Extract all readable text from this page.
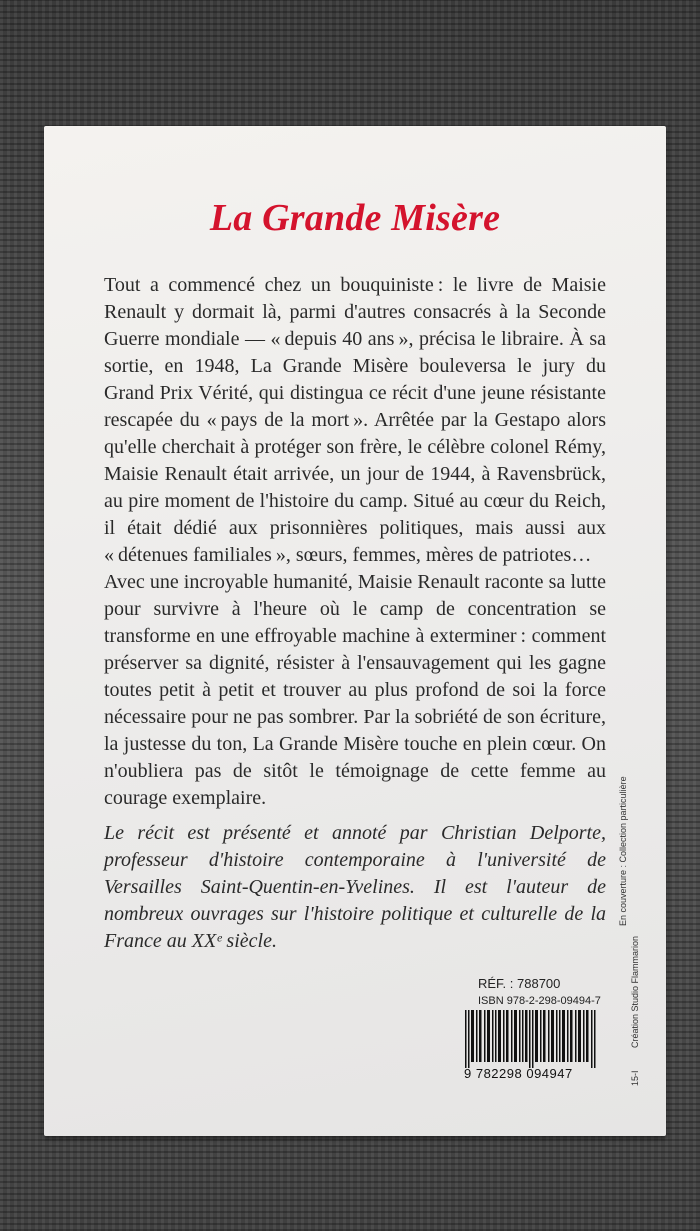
La Grande Misère

Tout a commencé chez un bouquiniste : le livre de Maisie Renault y dormait là, parmi d'autres consacrés à la Seconde Guerre mondiale — « depuis 40 ans », précisa le libraire. À sa sortie, en 1948, La Grande Misère bouleversa le jury du Grand Prix Vérité, qui distingua ce récit d'une jeune résistante rescapée du « pays de la mort ». Arrêtée par la Gestapo alors qu'elle cherchait à protéger son frère, le célèbre colonel Rémy, Maisie Renault était arrivée, un jour de 1944, à Ravensbrück, au pire moment de l'histoire du camp. Situé au cœur du Reich, il était dédié aux prisonnières politiques, mais aussi aux « détenues familiales », sœurs, femmes, mères de patriotes…

Avec une incroyable humanité, Maisie Renault raconte sa lutte pour survivre à l'heure où le camp de concentration se transforme en une effroyable machine à exterminer : comment préserver sa dignité, résister à l'ensauvagement qui les gagne toutes petit à petit et trouver au plus profond de soi la force nécessaire pour ne pas sombrer. Par la sobriété de son écriture, la justesse du ton, La Grande Misère touche en plein cœur. On n'oubliera pas de sitôt le témoignage de cette femme au courage exemplaire.

Le récit est présenté et annoté par Christian Delporte, professeur d'histoire contemporaine à l'université de Versailles Saint-Quentin-en-Yvelines. Il est l'auteur de nombreux ouvrages sur l'histoire politique et culturelle de la France au XXᵉ siècle.
RÉF. : 788700
ISBN 978-2-298-09494-7
9 782298 094947
En couverture : Collection particulière
Création Studio Flammarion
15-I
